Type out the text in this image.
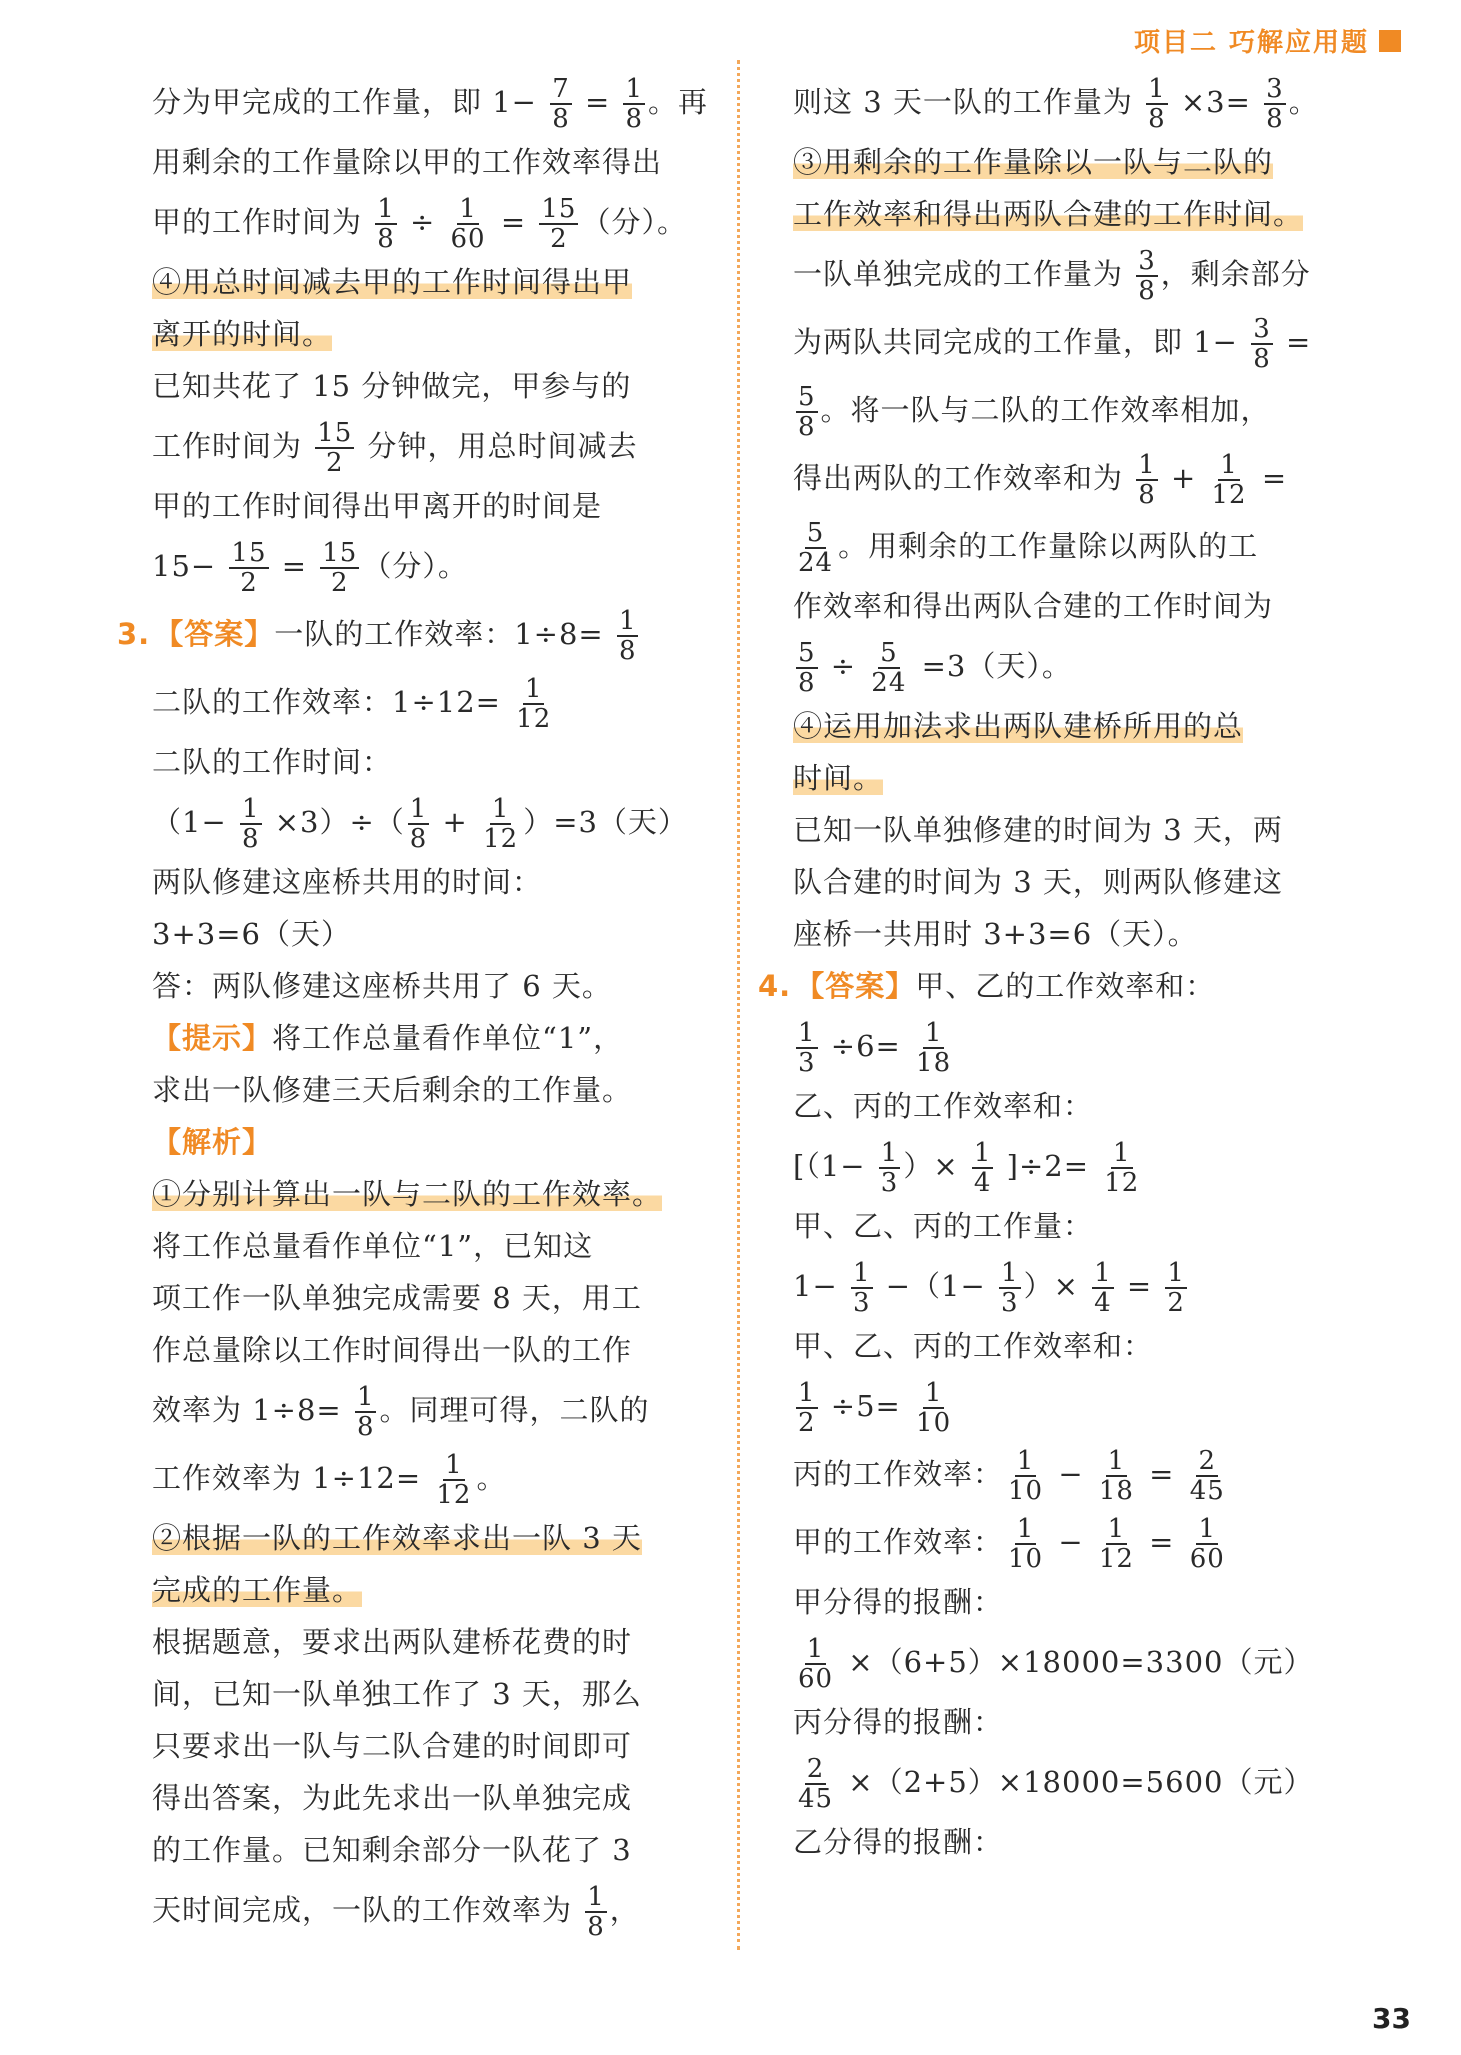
项目二 巧解应用题
分为甲完成的工作量，即 $1- \frac{7}{8} = \frac{1}{8}$ 。再
用剩余的工作量除以甲的工作效率得出
甲的工作时间为 $\frac{1}{8} \div \frac{1}{60} = \frac{15}{2}$ （分）。
④用总时间减去甲的工作时间得出甲
离开的时间。
已知共花了 15 分钟做完，甲参与的
工作时间为 $\frac{15}{2}$ 分钟，用总时间减去
甲的工作时间得出甲离开的时间是
$15- \frac{15}{2} = \frac{15}{2}$ （分）。
3. 【答案】一队的工作效率：$1\div 8= \frac{1}{8}$
二队的工作效率：$1\div 12= \frac{1}{12}$
二队的工作时间：
$(1- \frac{1}{8} \times 3)\div( \frac{1}{8} + \frac{1}{12} )=3$（天）
两队修建这座桥共用的时间：
3+3=6（天）
答：两队修建这座桥共用了 6 天。
【提示】将工作总量看作单位“1”，
求出一队修建三天后剩余的工作量。
【解析】
①分别计算出一队与二队的工作效率。
将工作总量看作单位“1”，已知这
项工作一队单独完成需要 8 天，用工
作总量除以工作时间得出一队的工作
效率为 $1\div 8= \frac{1}{8}$ 。同理可得，二队的
工作效率为 $1\div 12= \frac{1}{12}$ 。
②根据一队的工作效率求出一队 3 天
完成的工作量。
根据题意，要求出两队建桥花费的时
间，已知一队单独工作了 3 天，那么
只要求出一队与二队合建的时间即可
得出答案，为此先求出一队单独完成
的工作量。已知剩余部分一队花了 3
天时间完成，一队的工作效率为 $\frac{1}{8}$ ，
则这 3 天一队的工作量为 $\frac{1}{8} \times 3= \frac{3}{8}$ 。
③用剩余的工作量除以一队与二队的
工作效率和得出两队合建的工作时间。
一队单独完成的工作量为 $\frac{3}{8}$ ，剩余部分
为两队共同完成的工作量，即 $1- \frac{3}{8}$ =
$\frac{5}{8}$ 。将一队与二队的工作效率相加，
得出两队的工作效率和为 $\frac{1}{8} + \frac{1}{12}$ =
$\frac{5}{24}$ 。用剩余的工作量除以两队的工
作效率和得出两队合建的工作时间为
$\frac{5}{8} \div \frac{5}{24} =3$（天）。
④运用加法求出两队建桥所用的总
时间。
已知一队单独修建的时间为 3 天，两
队合建的时间为 3 天，则两队修建这
座桥一共用时 3+3=6（天）。
4. 【答案】甲、乙的工作效率和：
$\frac{1}{3} \div 6= \frac{1}{18}$
乙、丙的工作效率和：
[（$1- \frac{1}{3}$ ）× $\frac{1}{4} ]\div 2= \frac{1}{12}$
甲、乙、丙的工作量：
$1- \frac{1}{3} -(1- \frac{1}{3}$ ）× $\frac{1}{4} = \frac{1}{2}$
甲、乙、丙的工作效率和：
$\frac{1}{2} \div 5= \frac{1}{10}$
丙的工作效率： $\frac{1}{10} - \frac{1}{18} = \frac{2}{45}$
甲的工作效率： $\frac{1}{10} - \frac{1}{12} = \frac{1}{60}$
甲分得的报酬：
$\frac{1}{60} \times(6+5)\times 18000=3300$（元）
丙分得的报酬：
$\frac{2}{45} \times(2+5)\times 18000=5600$（元）
乙分得的报酬：
33
